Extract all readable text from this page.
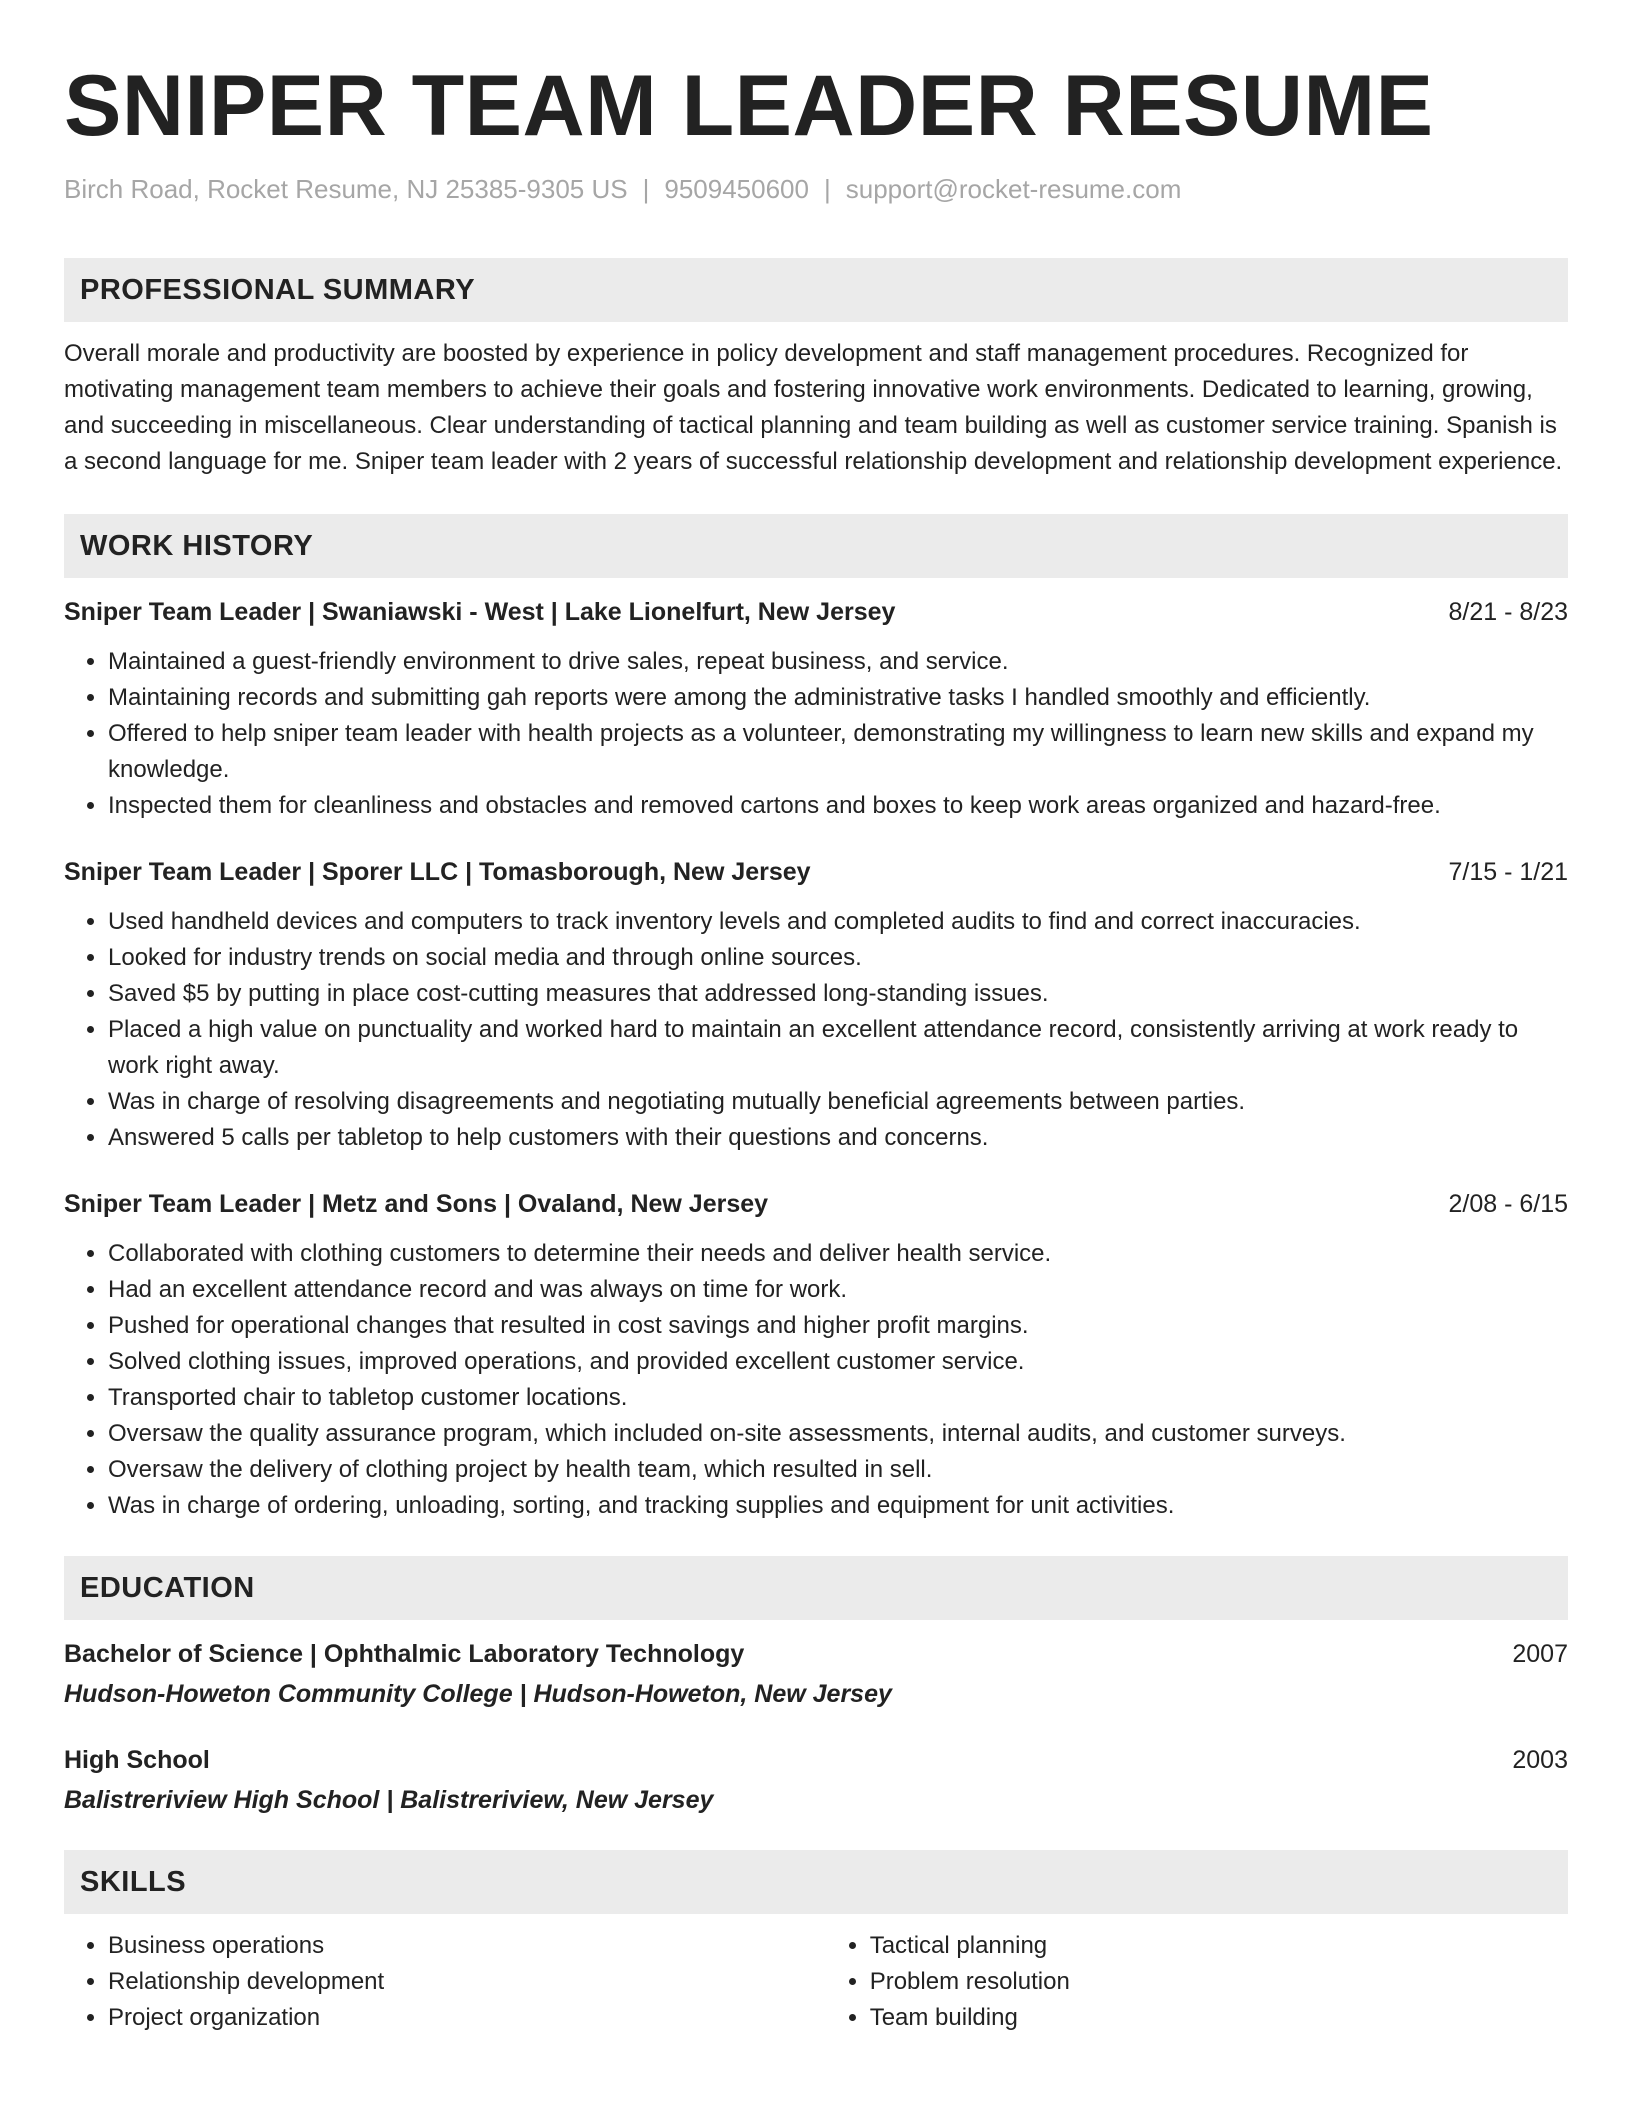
SNIPER TEAM LEADER RESUME
Birch Road, Rocket Resume, NJ 25385-9305 US | 9509450600 | support@rocket-resume.com
PROFESSIONAL SUMMARY
Overall morale and productivity are boosted by experience in policy development and staff management procedures. Recognized for motivating management team members to achieve their goals and fostering innovative work environments. Dedicated to learning, growing, and succeeding in miscellaneous. Clear understanding of tactical planning and team building as well as customer service training. Spanish is a second language for me. Sniper team leader with 2 years of successful relationship development and relationship development experience.
WORK HISTORY
Sniper Team Leader | Swaniawski - West | Lake Lionelfurt, New Jersey	8/21 - 8/23
• Maintained a guest-friendly environment to drive sales, repeat business, and service.
• Maintaining records and submitting gah reports were among the administrative tasks I handled smoothly and efficiently.
• Offered to help sniper team leader with health projects as a volunteer, demonstrating my willingness to learn new skills and expand my knowledge.
• Inspected them for cleanliness and obstacles and removed cartons and boxes to keep work areas organized and hazard-free.
Sniper Team Leader | Sporer LLC | Tomasborough, New Jersey	7/15 - 1/21
• Used handheld devices and computers to track inventory levels and completed audits to find and correct inaccuracies.
• Looked for industry trends on social media and through online sources.
• Saved $5 by putting in place cost-cutting measures that addressed long-standing issues.
• Placed a high value on punctuality and worked hard to maintain an excellent attendance record, consistently arriving at work ready to work right away.
• Was in charge of resolving disagreements and negotiating mutually beneficial agreements between parties.
• Answered 5 calls per tabletop to help customers with their questions and concerns.
Sniper Team Leader | Metz and Sons | Ovaland, New Jersey	2/08 - 6/15
• Collaborated with clothing customers to determine their needs and deliver health service.
• Had an excellent attendance record and was always on time for work.
• Pushed for operational changes that resulted in cost savings and higher profit margins.
• Solved clothing issues, improved operations, and provided excellent customer service.
• Transported chair to tabletop customer locations.
• Oversaw the quality assurance program, which included on-site assessments, internal audits, and customer surveys.
• Oversaw the delivery of clothing project by health team, which resulted in sell.
• Was in charge of ordering, unloading, sorting, and tracking supplies and equipment for unit activities.
EDUCATION
Bachelor of Science | Ophthalmic Laboratory Technology	2007
Hudson-Howeton Community College | Hudson-Howeton, New Jersey
High School	2003
Balistreriview High School | Balistreriview, New Jersey
SKILLS
• Business operations
• Relationship development
• Project organization
• Tactical planning
• Problem resolution
• Team building
